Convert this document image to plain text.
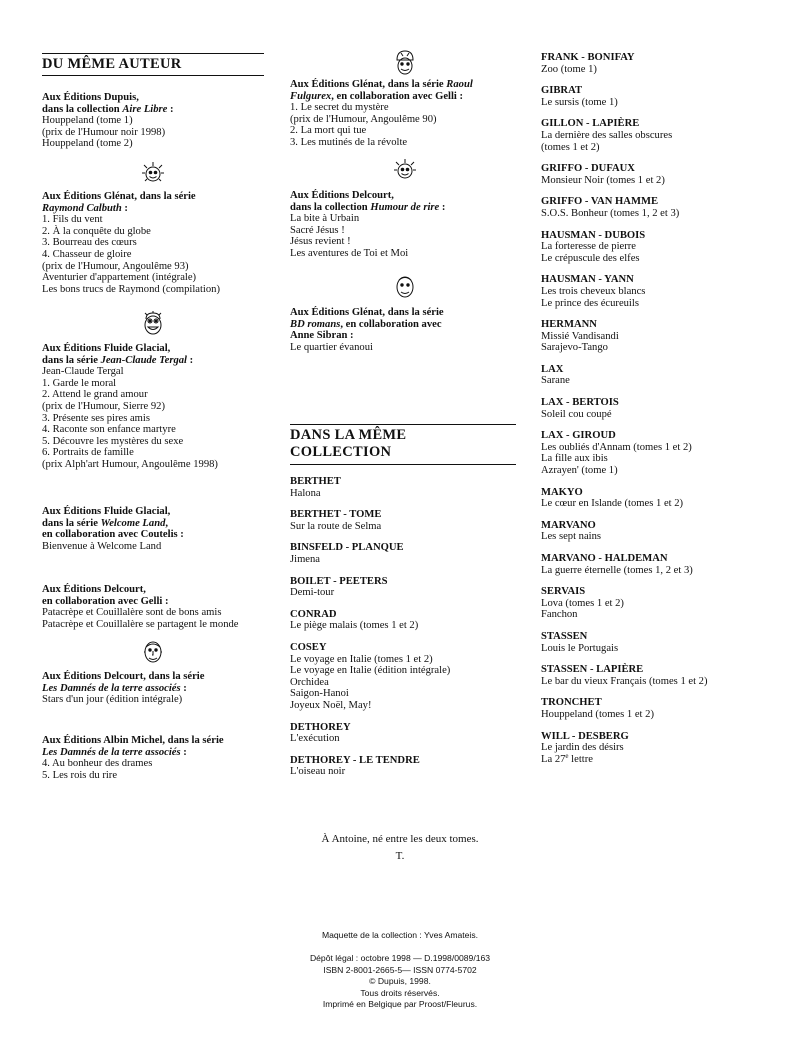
DU MÊME AUTEUR
Aux Éditions Dupuis,
dans la collection Aire Libre :
Houppeland (tome 1)
(prix de l'Humour noir 1998)
Houppeland (tome 2)
Aux Éditions Glénat, dans la série
Raymond Calbuth :
1. Fils du vent
2. À la conquête du globe
3. Bourreau des cœurs
4. Chasseur de gloire
(prix de l'Humour, Angoulême 93)
Aventurier d'appartement (intégrale)
Les bons trucs de Raymond (compilation)
Aux Éditions Fluide Glacial,
dans la série Jean-Claude Tergal :
Jean-Claude Tergal
1. Garde le moral
2. Attend le grand amour
(prix de l'Humour, Sierre 92)
3. Présente ses pires amis
4. Raconte son enfance martyre
5. Découvre les mystères du sexe
6. Portraits de famille
(prix Alph'art Humour, Angoulême 1998)
Aux Éditions Fluide Glacial,
dans la série Welcome Land,
en collaboration avec Coutelis :
Bienvenue à Welcome Land
Aux Éditions Delcourt,
en collaboration avec Gelli :
Patacrèpe et Couillalère sont de bons amis
Patacrèpe et Couillalère se partagent le monde
Aux Éditions Delcourt, dans la série
Les Damnés de la terre associés :
Stars d'un jour (édition intégrale)
Aux Éditions Albin Michel, dans la série
Les Damnés de la terre associés :
4. Au bonheur des drames
5. Les rois du rire
Aux Éditions Glénat, dans la série Raoul
Fulgurex, en collaboration avec Gelli :
1. Le secret du mystère
(prix de l'Humour, Angoulême 90)
2. La mort qui tue
3. Les mutinés de la révolte
Aux Éditions Delcourt,
dans la collection Humour de rire :
La bite à Urbain
Sacré Jésus !
Jésus revient !
Les aventures de Toi et Moi
Aux Éditions Glénat, dans la série
BD romans, en collaboration avec
Anne Sibran :
Le quartier évanoui
DANS LA MÊME
COLLECTION
BERTHET
Halona
BERTHET - TOME
Sur la route de Selma
BINSFELD - PLANQUE
Jimena
BOILET - PEETERS
Demi-tour
CONRAD
Le piège malais (tomes 1 et 2)
COSEY
Le voyage en Italie (tomes 1 et 2)
Le voyage en Italie (édition intégrale)
Orchidea
Saigon-Hanoi
Joyeux Noël, May!
DETHOREY
L'exécution
DETHOREY - LE TENDRE
L'oiseau noir
FRANK - BONIFAY
Zoo (tome 1)
GIBRAT
Le sursis (tome 1)
GILLON - LAPIÈRE
La dernière des salles obscures
(tomes 1 et 2)
GRIFFO - DUFAUX
Monsieur Noir (tomes 1 et 2)
GRIFFO - VAN HAMME
S.O.S. Bonheur (tomes 1, 2 et 3)
HAUSMAN - DUBOIS
La forteresse de pierre
Le crépuscule des elfes
HAUSMAN - YANN
Les trois cheveux blancs
Le prince des écureuils
HERMANN
Missié Vandisandi
Sarajevo-Tango
LAX
Sarane
LAX - BERTOIS
Soleil cou coupé
LAX - GIROUD
Les oubliés d'Annam (tomes 1 et 2)
La fille aux ibis
Azrayen' (tome 1)
MAKYO
Le cœur en Islande (tomes 1 et 2)
MARVANO
Les sept nains
MARVANO - HALDEMAN
La guerre éternelle (tomes 1, 2 et 3)
SERVAIS
Lova (tomes 1 et 2)
Fanchon
STASSEN
Louis le Portugais
STASSEN - LAPIÈRE
Le bar du vieux Français (tomes 1 et 2)
TRONCHET
Houppeland (tomes 1 et 2)
WILL - DESBERG
Le jardin des désirs
La 27e lettre
À Antoine, né entre les deux tomes.
T.
Maquette de la collection : Yves Amateis.
Dépôt légal : octobre 1998 — D.1998/0089/163
ISBN 2-8001-2665-5— ISSN 0774-5702
© Dupuis, 1998.
Tous droits réservés.
Imprimé en Belgique par Proost/Fleurus.
